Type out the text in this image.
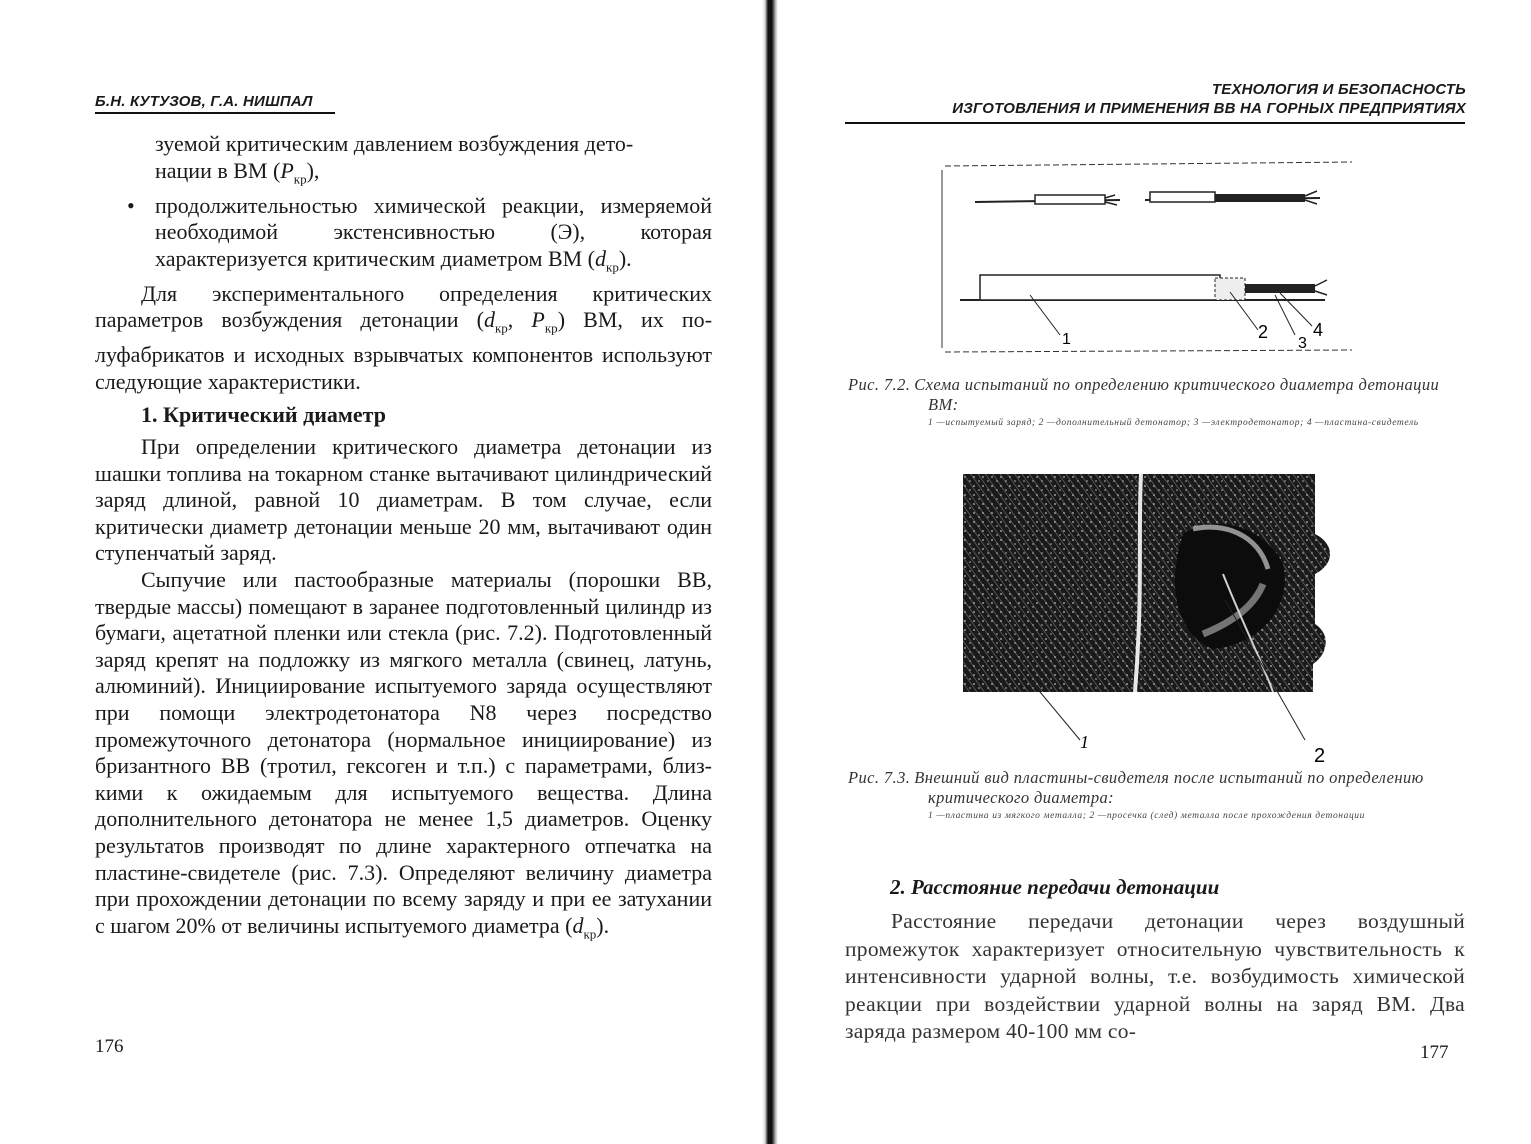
Б.Н. КУТУЗОВ, Г.А. НИШПАЛ

зуемой критическим давлением возбуждения дето-
нации в ВМ $(P_{кр})$,

• продолжительностью химической реакции, измеряемой необходимой экстенсивностью (Э), которая характеризуется критическим диаметром ВМ $(d_{кр})$.

Для экспериментального определения критических параметров возбуждения детонации ($d_{кр}$, $P_{кр}$) ВМ, их полуфабрикатов и исходных взрывчатых компонентов используют следующие характеристики.

1. Критический диаметр

При определении критического диаметра детонации из шашки топлива на токарном станке вытачивают цилиндрический заряд длиной, равной 10 диаметрам. В том случае, если критически диаметр детонации меньше 20 мм, вытачивают один ступенчатый заряд.

Сыпучие или пастообразные материалы (порошки ВВ, твердые массы) помещают в заранее подготовленный цилиндр из бумаги, ацетатной пленки или стекла (рис. 7.2). Подготовленный заряд крепят на подложку из мягкого металла (свинец, латунь, алюминий). Инициирование испытуемого заряда осуществляют при помощи электродетонатора N8 через посредство промежуточного детонатора (нормальное инициирование) из бризантного ВВ (тротил, гексоген и т.п.) с параметрами, близкими к ожидаемым для испытуемого вещества. Длина дополнительного детонатора не менее 1,5 диаметров. Оценку результатов производят по длине характерного отпечатка на пластине-свидетеле (рис. 7.3). Определяют величину диаметра при прохождении детонации по всему заряду и при ее затухании с шагом 20% от величины испытуемого диаметра $(d_{кр})$.

176
ТЕХНОЛОГИЯ И БЕЗОПАСНОСТЬ
ИЗГОТОВЛЕНИЯ И ПРИМЕНЕНИЯ ВВ НА ГОРНЫХ ПРЕДПРИЯТИЯХ
1	2
3
4
Рис. 7.2. Схема испытаний по определению критического диаметра детонации ВМ:
1 —испытуемый заряд; 2 —дополнительный детонатор; 3 —электродетонатор; 4 —пластина-свидетель
1
2
Рис. 7.3. Внешний вид пластины-свидетеля после испытаний по определению критического диаметра:
1 —пластина из мягкого металла; 2 —просечка (след) металла после прохождения детонации

2. Расстояние передачи детонации

Расстояние передачи детонации через воздушный промежуток характеризует относительную чувствительность к интенсивности ударной волны, т.е. возбудимость химической реакции при воздействии ударной волны на заряд ВМ. Два заряда размером 40-100 мм со-

177
